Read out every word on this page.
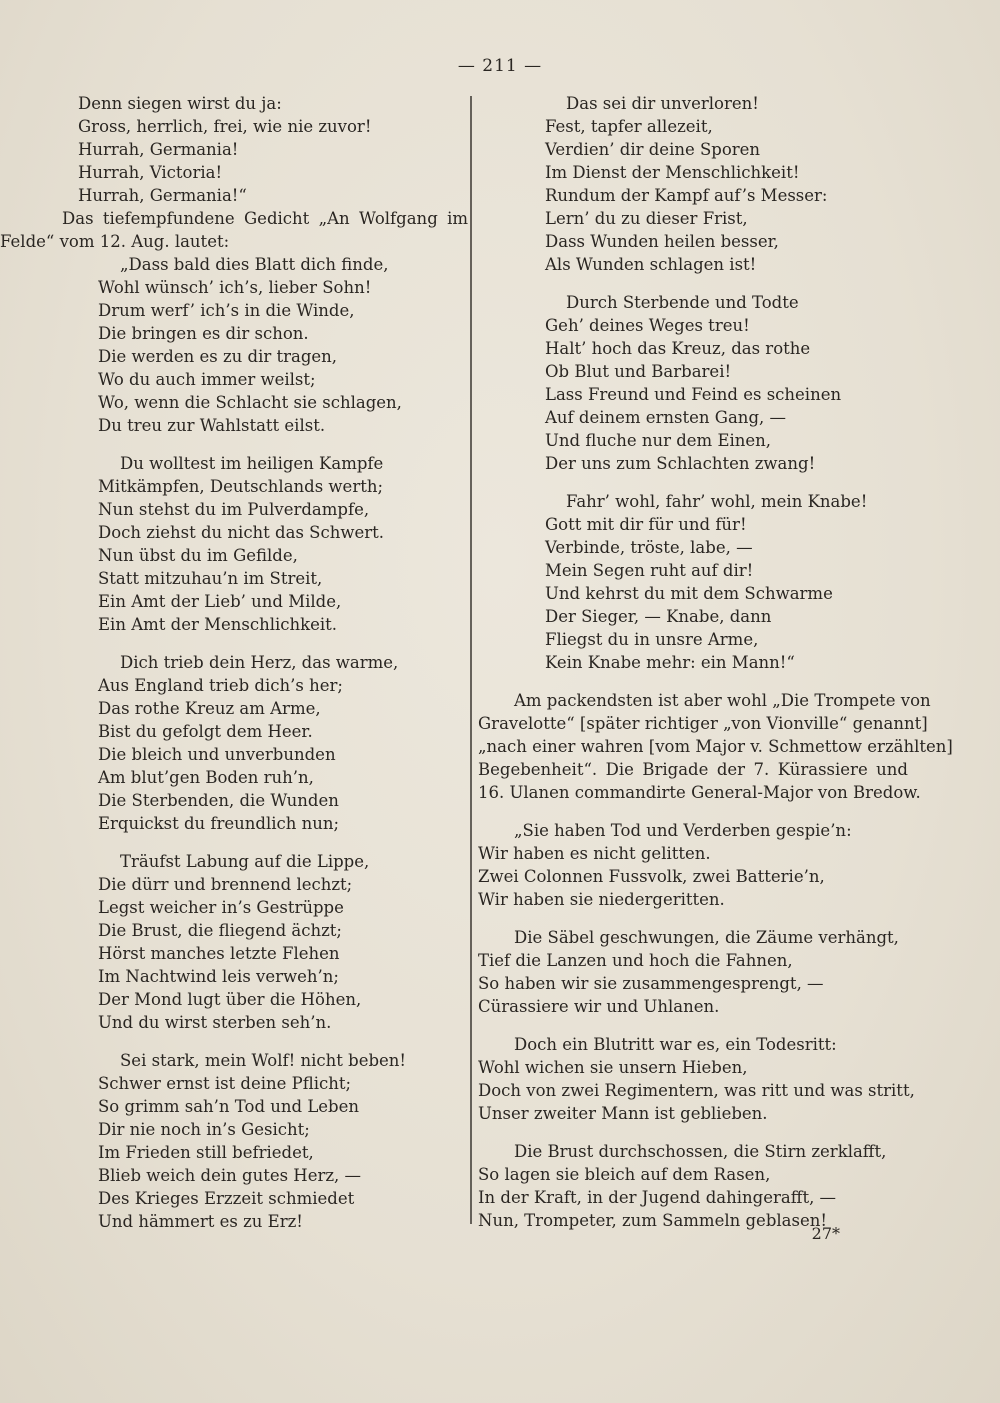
— 211 —
Denn siegen wirst du ja:
Gross, herrlich, frei, wie nie zuvor!
Hurrah, Germania!
Hurrah, Victoria!
Hurrah, Germania!“
Das tiefempfundene Gedicht „An Wolfgang im
Felde“ vom 12. Aug. lautet:
„Dass bald dies Blatt dich finde,
Wohl wünsch’ ich’s, lieber Sohn!
Drum werf’ ich’s in die Winde,
Die bringen es dir schon.
Die werden es zu dir tragen,
Wo du auch immer weilst;
Wo, wenn die Schlacht sie schlagen,
Du treu zur Wahlstatt eilst.
Du wolltest im heiligen Kampfe
Mitkämpfen, Deutschlands werth;
Nun stehst du im Pulverdampfe,
Doch ziehst du nicht das Schwert.
Nun übst du im Gefilde,
Statt mitzuhau’n im Streit,
Ein Amt der Lieb’ und Milde,
Ein Amt der Menschlichkeit.
Dich trieb dein Herz, das warme,
Aus England trieb dich’s her;
Das rothe Kreuz am Arme,
Bist du gefolgt dem Heer.
Die bleich und unverbunden
Am blut’gen Boden ruh’n,
Die Sterbenden, die Wunden
Erquickst du freundlich nun;
Träufst Labung auf die Lippe,
Die dürr und brennend lechzt;
Legst weicher in’s Gestrüppe
Die Brust, die fliegend ächzt;
Hörst manches letzte Flehen
Im Nachtwind leis verweh’n;
Der Mond lugt über die Höhen,
Und du wirst sterben seh’n.
Sei stark, mein Wolf! nicht beben!
Schwer ernst ist deine Pflicht;
So grimm sah’n Tod und Leben
Dir nie noch in’s Gesicht;
Im Frieden still befriedet,
Blieb weich dein gutes Herz, —
Des Krieges Erzzeit schmiedet
Und hämmert es zu Erz!
Das sei dir unverloren!
Fest, tapfer allezeit,
Verdien’ dir deine Sporen
Im Dienst der Menschlichkeit!
Rundum der Kampf auf’s Messer:
Lern’ du zu dieser Frist,
Dass Wunden heilen besser,
Als Wunden schlagen ist!
Durch Sterbende und Todte
Geh’ deines Weges treu!
Halt’ hoch das Kreuz, das rothe
Ob Blut und Barbarei!
Lass Freund und Feind es scheinen
Auf deinem ernsten Gang, —
Und fluche nur dem Einen,
Der uns zum Schlachten zwang!
Fahr’ wohl, fahr’ wohl, mein Knabe!
Gott mit dir für und für!
Verbinde, tröste, labe, —
Mein Segen ruht auf dir!
Und kehrst du mit dem Schwarme
Der Sieger, — Knabe, dann
Fliegst du in unsre Arme,
Kein Knabe mehr: ein Mann!“
Am packendsten ist aber wohl „Die Trompete von
Gravelotte“ [später richtiger „von Vionville“ genannt]
„nach einer wahren [vom Major v. Schmettow erzählten]
Begebenheit“. Die Brigade der 7. Kürassiere und
16. Ulanen commandirte General-Major von Bredow.
„Sie haben Tod und Verderben gespie’n:
Wir haben es nicht gelitten.
Zwei Colonnen Fussvolk, zwei Batterie’n,
Wir haben sie niedergeritten.
Die Säbel geschwungen, die Zäume verhängt,
Tief die Lanzen und hoch die Fahnen,
So haben wir sie zusammengesprengt, —
Cürassiere wir und Uhlanen.
Doch ein Blutritt war es, ein Todesritt:
Wohl wichen sie unsern Hieben,
Doch von zwei Regimentern, was ritt und was stritt,
Unser zweiter Mann ist geblieben.
Die Brust durchschossen, die Stirn zerklafft,
So lagen sie bleich auf dem Rasen,
In der Kraft, in der Jugend dahingerafft, —
Nun, Trompeter, zum Sammeln geblasen!
27*
